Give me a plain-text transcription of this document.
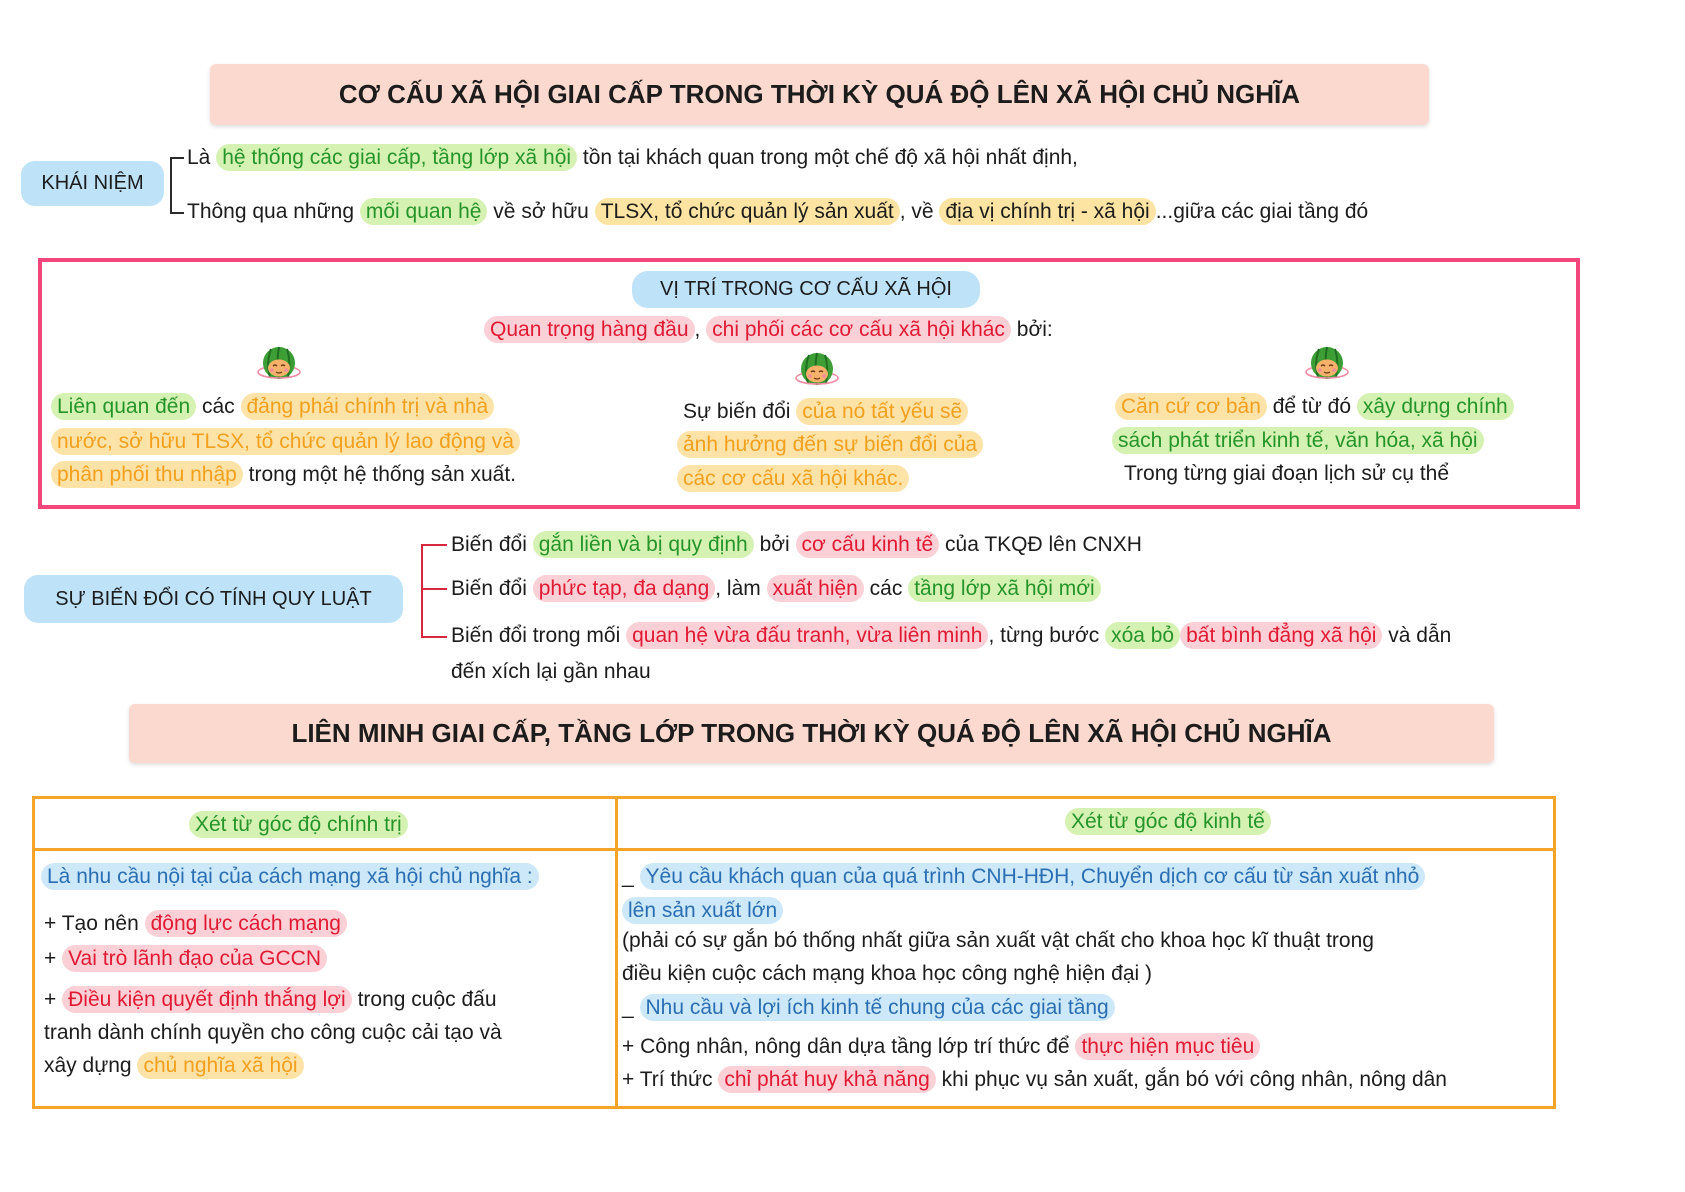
CƠ CẤU XÃ HỘI GIAI CẤP TRONG THỜI KỲ QUÁ ĐỘ LÊN XÃ HỘI CHỦ NGHĨA
KHÁI NIỆM
Là hệ thống các giai cấp, tầng lớp xã hội tồn tại khách quan trong một chế độ xã hội nhất định,
Thông qua những mối quan hệ về sở hữu TLSX, tổ chức quản lý sản xuất , về địa vị chính trị - xã hội ...giữa các giai tầng đó
VỊ TRÍ TRONG CƠ CẤU XÃ HỘI
Quan trọng hàng đầu , chi phối các cơ cấu xã hội khác bởi:
Liên quan đến các đảng phái chính trị và nhà
nước, sở hữu TLSX, tổ chức quản lý lao động và
phân phối thu nhập trong một hệ thống sản xuất.
Sự biến đổi của nó tất yếu sẽ
ảnh hưởng đến sự biến đổi của
các cơ cấu xã hội khác.
Căn cứ cơ bản để từ đó xây dựng chính
sách phát triển kinh tế, văn hóa, xã hội
Trong từng giai đoạn lịch sử cụ thể
SỰ BIẾN ĐỔI CÓ TÍNH QUY LUẬT
Biến đổi gắn liền và bị quy định bởi cơ cấu kinh tế của TKQĐ lên CNXH
Biến đổi phức tạp, đa dạng , làm xuất hiện các tầng lớp xã hội mới
Biến đổi trong mối quan hệ vừa đấu tranh, vừa liên minh , từng bước xóa bỏ bất bình đẳng xã hội và dẫn
đến xích lại gần nhau
LIÊN MINH GIAI CẤP, TẦNG LỚP TRONG THỜI KỲ QUÁ ĐỘ LÊN XÃ HỘI CHỦ NGHĨA
Xét từ góc độ chính trị	Xét từ góc độ kinh tế
Là nhu cầu nội tại của cách mạng xã hội chủ nghĩa :
+ Tạo nên động lực cách mạng
+ Vai trò lãnh đạo của GCCN
+ Điều kiện quyết định thắng lợi trong cuộc đấu
tranh dành chính quyền cho công cuộc cải tạo và
xây dựng chủ nghĩa xã hội
_ Yêu cầu khách quan của quá trình CNH-HĐH, Chuyển dịch cơ cấu từ sản xuất nhỏ
lên sản xuất lớn
(phải có sự gắn bó thống nhất giữa sản xuất vật chất cho khoa học kĩ thuật trong
điều kiện cuộc cách mạng khoa học công nghệ hiện đại )
_ Nhu cầu và lợi ích kinh tế chung của các giai tầng
+ Công nhân, nông dân dựa tầng lớp trí thức để thực hiện mục tiêu
+ Trí thức chỉ phát huy khả năng khi phục vụ sản xuất, gắn bó với công nhân, nông dân
